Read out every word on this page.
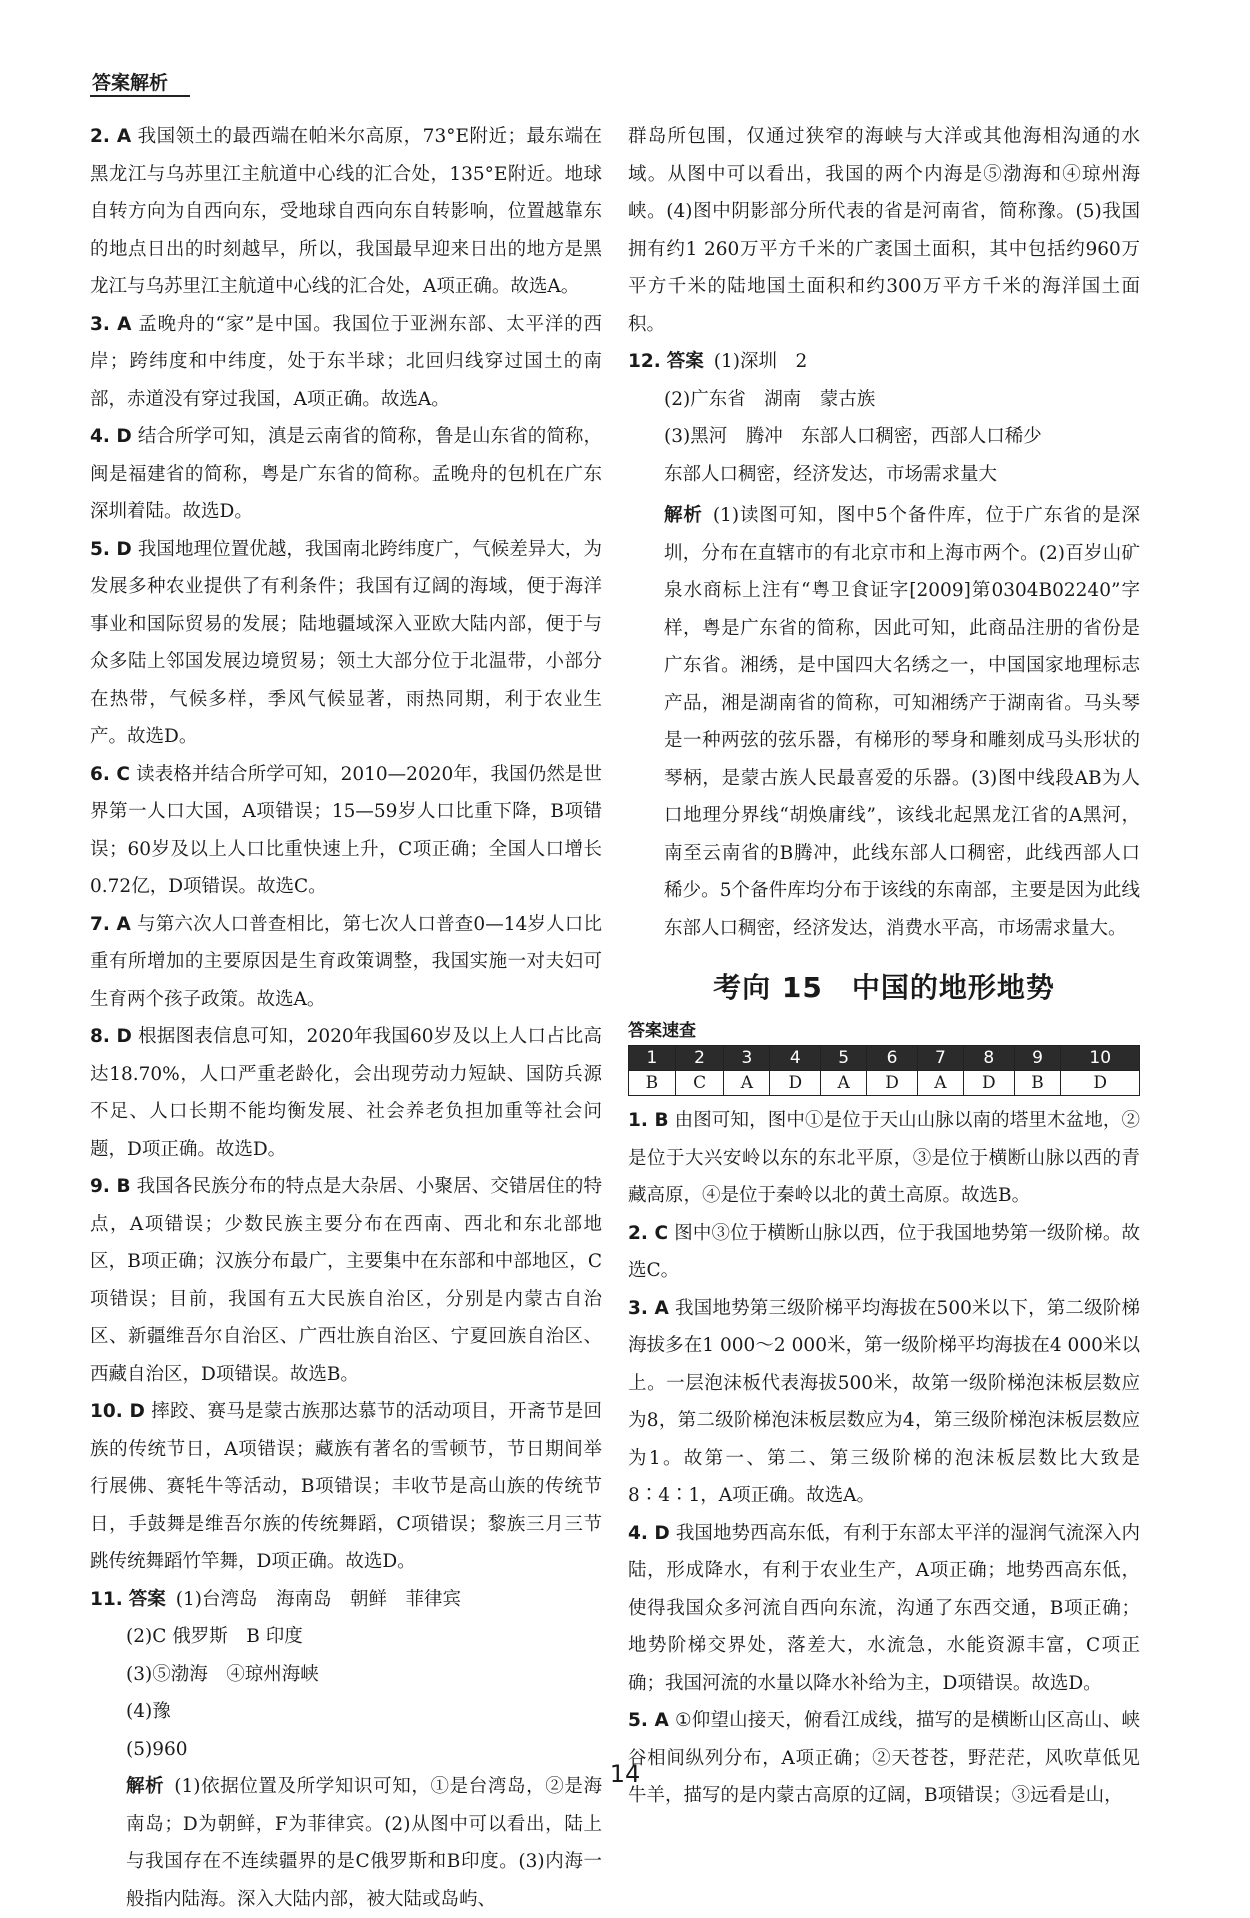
答案解析
2. A 我国领土的最西端在帕米尔高原，73°E附近；最东端在黑龙江与乌苏里江主航道中心线的汇合处，135°E附近。地球自转方向为自西向东，受地球自西向东自转影响，位置越靠东的地点日出的时刻越早，所以，我国最早迎来日出的地方是黑龙江与乌苏里江主航道中心线的汇合处，A项正确。故选A。
3. A 孟晚舟的“家”是中国。我国位于亚洲东部、太平洋的西岸；跨纬度和中纬度，处于东半球；北回归线穿过国土的南部，赤道没有穿过我国，A项正确。故选A。
4. D 结合所学可知，滇是云南省的简称，鲁是山东省的简称，闽是福建省的简称，粤是广东省的简称。孟晚舟的包机在广东深圳着陆。故选D。
5. D 我国地理位置优越，我国南北跨纬度广，气候差异大，为发展多种农业提供了有利条件；我国有辽阔的海域，便于海洋事业和国际贸易的发展；陆地疆域深入亚欧大陆内部，便于与众多陆上邻国发展边境贸易；领土大部分位于北温带，小部分在热带，气候多样，季风气候显著，雨热同期，利于农业生产。故选D。
6. C 读表格并结合所学可知，2010—2020年，我国仍然是世界第一人口大国，A项错误；15—59岁人口比重下降，B项错误；60岁及以上人口比重快速上升，C项正确；全国人口增长0.72亿，D项错误。故选C。
7. A 与第六次人口普查相比，第七次人口普查0—14岁人口比重有所增加的主要原因是生育政策调整，我国实施一对夫妇可生育两个孩子政策。故选A。
8. D 根据图表信息可知，2020年我国60岁及以上人口占比高达18.70%，人口严重老龄化，会出现劳动力短缺、国防兵源不足、人口长期不能均衡发展、社会养老负担加重等社会问题，D项正确。故选D。
9. B 我国各民族分布的特点是大杂居、小聚居、交错居住的特点，A项错误；少数民族主要分布在西南、西北和东北部地区，B项正确；汉族分布最广，主要集中在东部和中部地区，C项错误；目前，我国有五大民族自治区，分别是内蒙古自治区、新疆维吾尔自治区、广西壮族自治区、宁夏回族自治区、西藏自治区，D项错误。故选B。
10. D 摔跤、赛马是蒙古族那达慕节的活动项目，开斋节是回族的传统节日，A项错误；藏族有著名的雪顿节，节日期间举行展佛、赛牦牛等活动，B项错误；丰收节是高山族的传统节日，手鼓舞是维吾尔族的传统舞蹈，C项错误；黎族三月三节跳传统舞蹈竹竿舞，D项正确。故选D。
11. 答案 (1)台湾岛　海南岛　朝鲜　菲律宾
(2)C 俄罗斯　B 印度
(3)⑤渤海　④琼州海峡
(4)豫
(5)960
解析 (1)依据位置及所学知识可知，①是台湾岛，②是海南岛；D为朝鲜，F为菲律宾。(2)从图中可以看出，陆上与我国存在不连续疆界的是C俄罗斯和B印度。(3)内海一般指内陆海。深入大陆内部，被大陆或岛屿、
群岛所包围，仅通过狭窄的海峡与大洋或其他海相沟通的水域。从图中可以看出，我国的两个内海是⑤渤海和④琼州海峡。(4)图中阴影部分所代表的省是河南省，简称豫。(5)我国拥有约1 260万平方千米的广袤国土面积，其中包括约960万平方千米的陆地国土面积和约300万平方千米的海洋国土面积。
12. 答案 (1)深圳　2
(2)广东省　湖南　蒙古族
(3)黑河　腾冲　东部人口稠密，西部人口稀少
东部人口稠密，经济发达，市场需求量大
解析 (1)读图可知，图中5个备件库，位于广东省的是深圳，分布在直辖市的有北京市和上海市两个。(2)百岁山矿泉水商标上注有“粤卫食证字[2009]第0304B02240”字样，粤是广东省的简称，因此可知，此商品注册的省份是广东省。湘绣，是中国四大名绣之一，中国国家地理标志产品，湘是湖南省的简称，可知湘绣产于湖南省。马头琴是一种两弦的弦乐器，有梯形的琴身和雕刻成马头形状的琴柄，是蒙古族人民最喜爱的乐器。(3)图中线段AB为人口地理分界线“胡焕庸线”，该线北起黑龙江省的A黑河，南至云南省的B腾冲，此线东部人口稠密，此线西部人口稀少。5个备件库均分布于该线的东南部，主要是因为此线东部人口稠密，经济发达，消费水平高，市场需求量大。
考向 15　中国的地形地势
答案速查
1	2	3	4	5	6	7	8	9	10
B	C	A	D	A	D	A	D	B	D
1. B 由图可知，图中①是位于天山山脉以南的塔里木盆地，②是位于大兴安岭以东的东北平原，③是位于横断山脉以西的青藏高原，④是位于秦岭以北的黄土高原。故选B。
2. C 图中③位于横断山脉以西，位于我国地势第一级阶梯。故选C。
3. A 我国地势第三级阶梯平均海拔在500米以下，第二级阶梯海拔多在1 000～2 000米，第一级阶梯平均海拔在4 000米以上。一层泡沫板代表海拔500米，故第一级阶梯泡沫板层数应为8，第二级阶梯泡沫板层数应为4，第三级阶梯泡沫板层数应为1。故第一、第二、第三级阶梯的泡沫板层数比大致是8∶4∶1，A项正确。故选A。
4. D 我国地势西高东低，有利于东部太平洋的湿润气流深入内陆，形成降水，有利于农业生产，A项正确；地势西高东低，使得我国众多河流自西向东流，沟通了东西交通，B项正确；地势阶梯交界处，落差大，水流急，水能资源丰富，C项正确；我国河流的水量以降水补给为主，D项错误。故选D。
5. A ①仰望山接天，俯看江成线，描写的是横断山区高山、峡谷相间纵列分布，A项正确；②天苍苍，野茫茫，风吹草低见牛羊，描写的是内蒙古高原的辽阔，B项错误；③远看是山，
14
